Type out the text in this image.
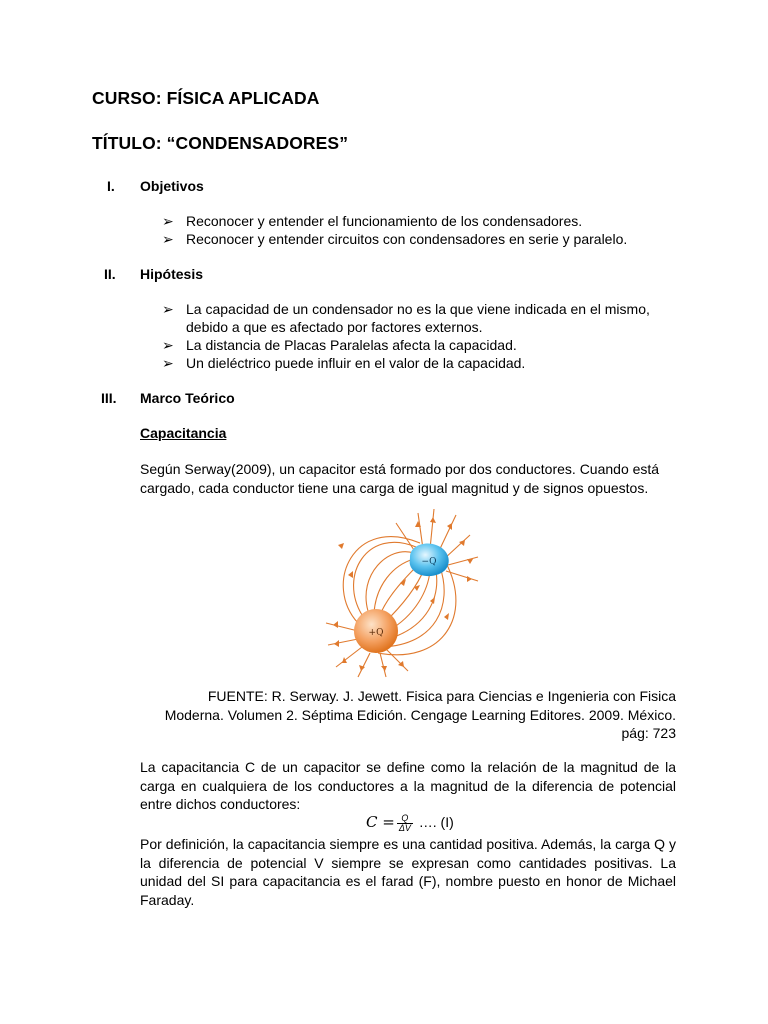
CURSO: FÍSICA APLICADA
TÍTULO: “CONDENSADORES”
I. Objetivos
➢ Reconocer y entender el funcionamiento de los condensadores.
➢ Reconocer y entender circuitos con condensadores en serie y paralelo.
II. Hipótesis
➢ La capacidad de un condensador no es la que viene indicada en el mismo,
debido a que es afectado por factores externos.
➢ La distancia de Placas Paralelas afecta la capacidad.
➢ Un dieléctrico puede influir en el valor de la capacidad.
III. Marco Teórico
Capacitancia
Según Serway(2009), un capacitor está formado por dos conductores. Cuando está cargado, cada conductor tiene una carga de igual magnitud y de signos opuestos.
+Q
−Q
FUENTE: R. Serway. J. Jewett. Fisica para Ciencias e Ingenieria con Fisica Moderna. Volumen 2. Séptima Edición. Cengage Learning Editores. 2009. México. pág: 723
La capacitancia C de un capacitor se define como la relación de la magnitud de la carga en cualquiera de los conductores a la magnitud de la diferencia de potencial entre dichos conductores:
$C = \frac{Q}{\Delta V}$ …. (I)
Por definición, la capacitancia siempre es una cantidad positiva. Además, la carga Q y la diferencia de potencial V siempre se expresan como cantidades positivas. La unidad del SI para capacitancia es el farad (F), nombre puesto en honor de Michael Faraday.
